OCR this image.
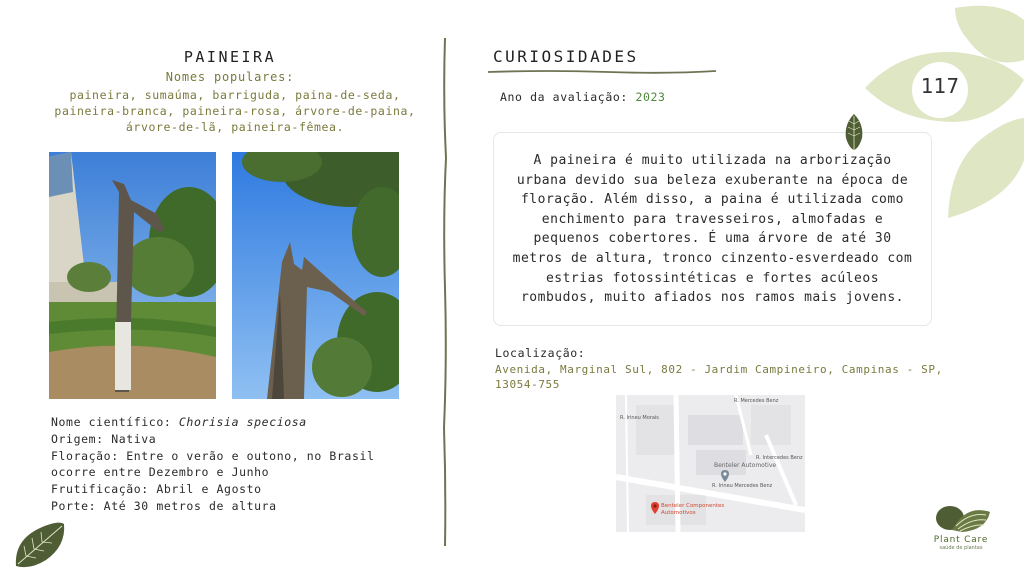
PAINEIRA
Nomes populares:
paineira, sumaúma, barriguda, paina-de-seda, paineira-branca, paineira-rosa, árvore-de-paina, árvore-de-lã, paineira-fêmea.
Nome científico: Chorisia speciosa
Origem: Nativa
Floração: Entre o verão e outono, no Brasil ocorre entre Dezembro e Junho
Frutificação: Abril e Agosto
Porte: Até 30 metros de altura
CURIOSIDADES
Ano da avaliação: 2023

A paineira é muito utilizada na arborização urbana devido sua beleza exuberante na época de floração. Além disso, a paina é utilizada como enchimento para travesseiros, almofadas e pequenos cobertores. É uma árvore de até 30 metros de altura, tronco cinzento-esverdeado com estrias fotossintéticas e fortes acúleos rombudos, muito afiados nos ramos mais jovens.

Localização:
Avenida, Marginal Sul, 802 - Jardim Campineiro, Campinas - SP, 13054-755
R. Mercedes Benz
R. Irineu Morais
R. Irineu Mercedes Benz
R. Intercedes Benz
Benteler Automotive
Benteler Componentes Automotivos
117
Plant Care
saúde de plantas
